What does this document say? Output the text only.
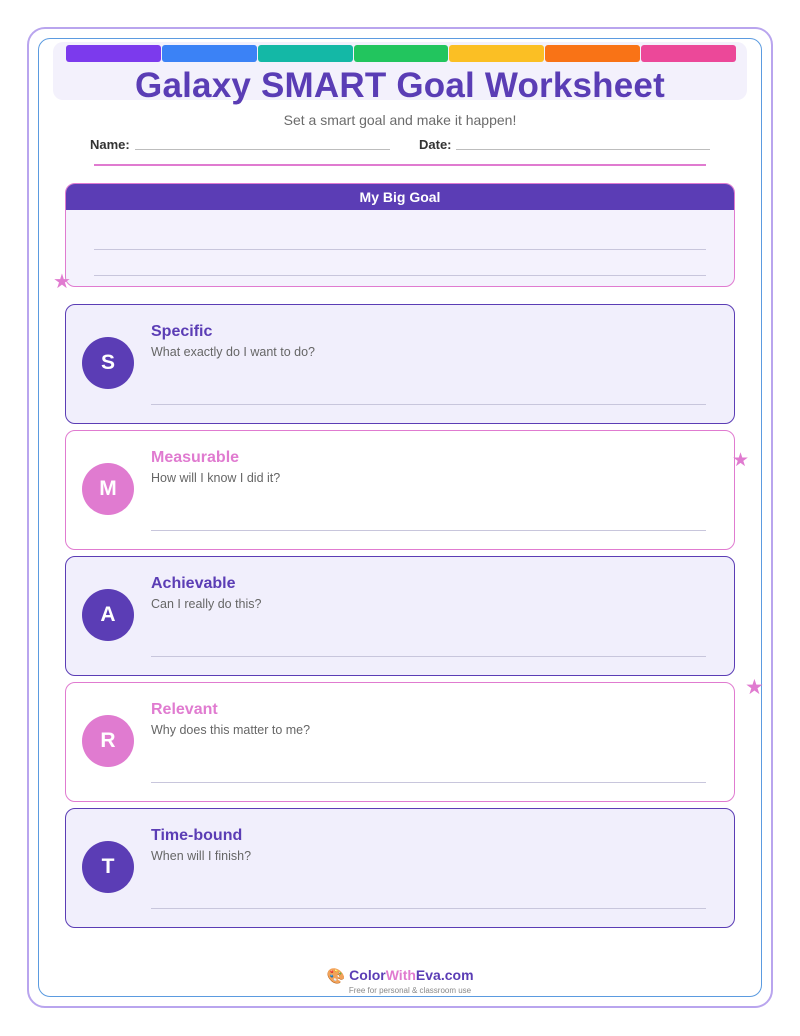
Galaxy SMART Goal Worksheet
Set a smart goal and make it happen!
Name:	Date:
My Big Goal
S
Specific
What exactly do I want to do?
M
Measurable
How will I know I did it?
A
Achievable
Can I really do this?
R
Relevant
Why does this matter to me?
T
Time-bound
When will I finish?
★
★
★
🎨 ColorWithEva.com
Free for personal & classroom use
